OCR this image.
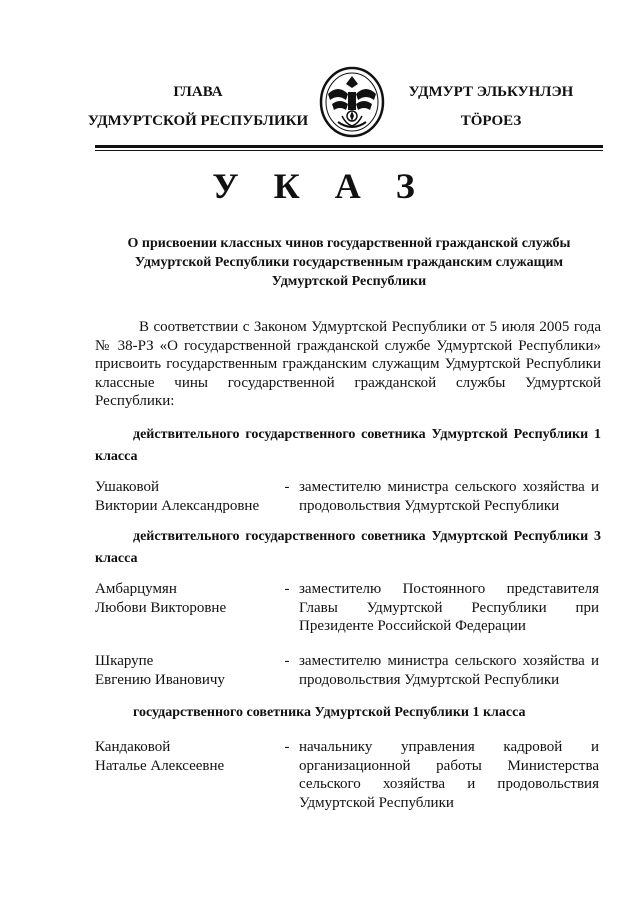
ГЛАВА
УДМУРТСКОЙ РЕСПУБЛИКИ
УДМУРТ ЭЛЬКУНЛЭН
ТӦРОЕЗ
У К А З
О присвоении классных чинов государственной гражданской службы Удмуртской Республики государственным гражданским служащим Удмуртской Республики
В соответствии с Законом Удмуртской Республики от 5 июля 2005 года № 38-РЗ «О государственной гражданской службе Удмуртской Республики» присвоить государственным гражданским служащим Удмуртской Республики классные чины государственной гражданской службы Удмуртской Республики:
действительного государственного советника Удмуртской Республики 1 класса
Ушаковой
Виктории Александровне
- заместителю министра сельского хозяйства и продовольствия Удмуртской Республики
действительного государственного советника Удмуртской Республики 3 класса
Амбарцумян
Любови Викторовне
- заместителю Постоянного представителя Главы Удмуртской Республики при Президенте Российской Федерации
Шкарупе
Евгению Ивановичу
- заместителю министра сельского хозяйства и продовольствия Удмуртской Республики
государственного советника Удмуртской Республики 1 класса
Кандаковой
Наталье Алексеевне
- начальнику управления кадровой и организационной работы Министерства сельского хозяйства и продовольствия Удмуртской Республики
